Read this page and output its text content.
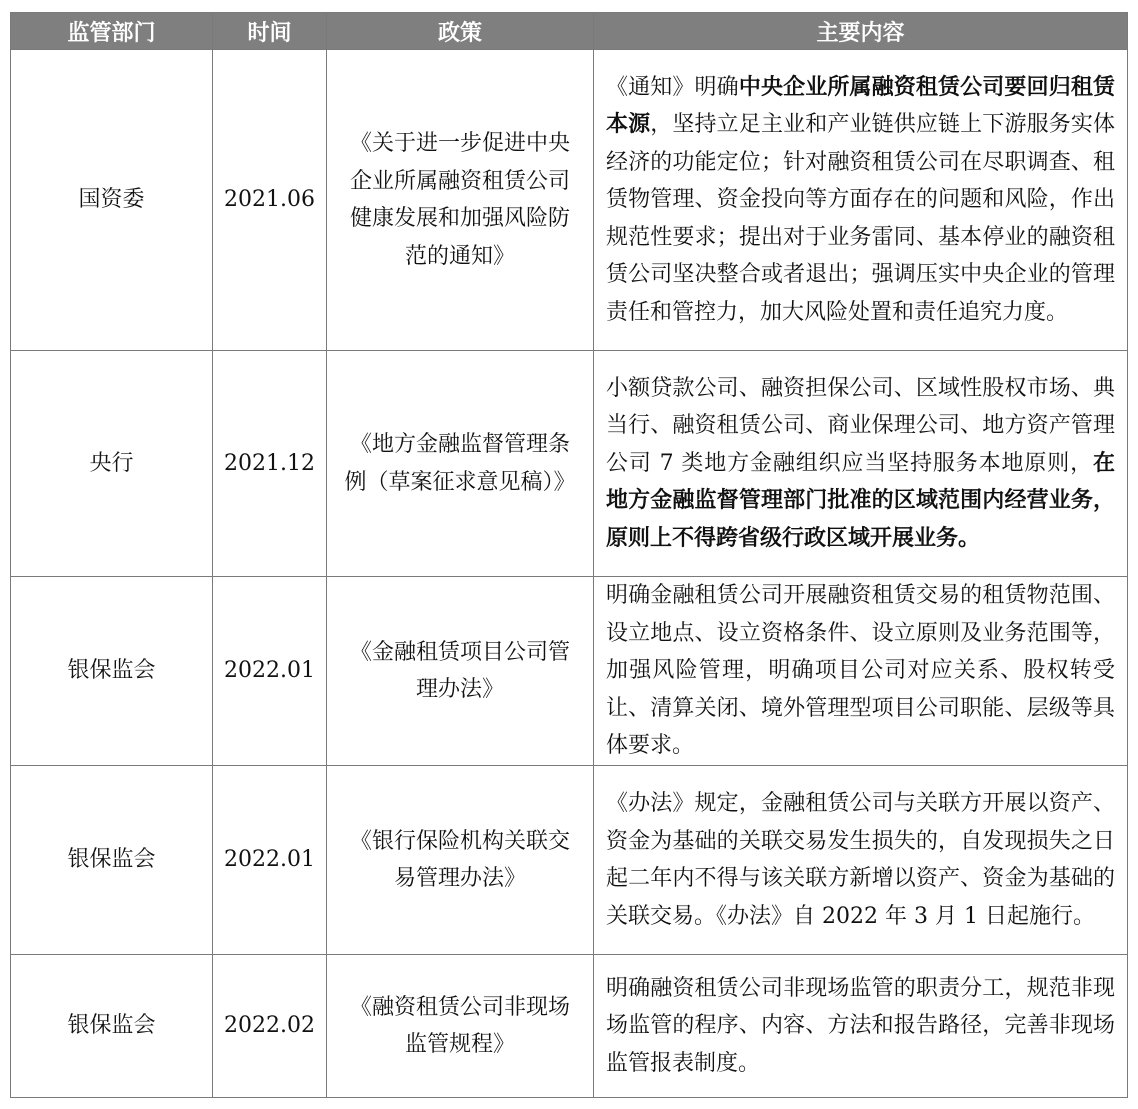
监管部门	时间	政策	主要内容
国资委	2021.06	《关于进一步促进中央企业所属融资租赁公司健康发展和加强风险防范的通知》	《通知》明确中央企业所属融资租赁公司要回归租赁本源，坚持立足主业和产业链供应链上下游服务实体经济的功能定位；针对融资租赁公司在尽职调查、租赁物管理、资金投向等方面存在的问题和风险，作出规范性要求；提出对于业务雷同、基本停业的融资租赁公司坚决整合或者退出；强调压实中央企业的管理责任和管控力，加大风险处置和责任追究力度。
央行	2021.12	《地方金融监督管理条例（草案征求意见稿）》	小额贷款公司、融资担保公司、区域性股权市场、典当行、融资租赁公司、商业保理公司、地方资产管理公司 7 类地方金融组织应当坚持服务本地原则，在地方金融监督管理部门批准的区域范围内经营业务，原则上不得跨省级行政区域开展业务。
银保监会	2022.01	《金融租赁项目公司管理办法》	明确金融租赁公司开展融资租赁交易的租赁物范围、设立地点、设立资格条件、设立原则及业务范围等，加强风险管理，明确项目公司对应关系、股权转受让、清算关闭、境外管理型项目公司职能、层级等具体要求。
银保监会	2022.01	《银行保险机构关联交易管理办法》	《办法》规定，金融租赁公司与关联方开展以资产、资金为基础的关联交易发生损失的，自发现损失之日起二年内不得与该关联方新增以资产、资金为基础的关联交易。《办法》自 2022 年 3 月 1 日起施行。
银保监会	2022.02	《融资租赁公司非现场监管规程》	明确融资租赁公司非现场监管的职责分工，规范非现场监管的程序、内容、方法和报告路径，完善非现场监管报表制度。
